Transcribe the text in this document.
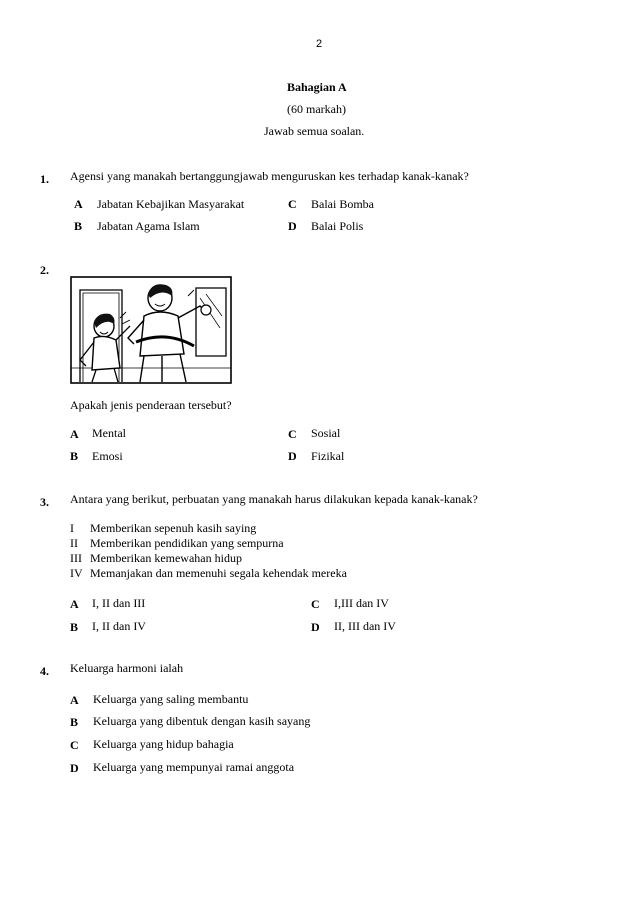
2
Bahagian A
(60 markah)
Jawab semua soalan.
1. Agensi yang manakah bertanggungjawab menguruskan kes terhadap kanak-kanak?
A Jabatan Kebajikan Masyarakat
B Jabatan Agama Islam
C Balai Bomba
D Balai Polis
2.
Apakah jenis penderaan tersebut?
A Mental
B Emosi
C Sosial
D Fizikal
3. Antara yang berikut, perbuatan yang manakah harus dilakukan kepada kanak-kanak?
I Memberikan sepenuh kasih saying
II Memberikan pendidikan yang sempurna
III Memberikan kemewahan hidup
IV Memanjakan dan memenuhi segala kehendak mereka
A I, II dan III
B I, II dan IV
C I,III dan IV
D II, III dan IV
4. Keluarga harmoni ialah
A Keluarga yang saling membantu
B Keluarga yang dibentuk dengan kasih sayang
C Keluarga yang hidup bahagia
D Keluarga yang mempunyai ramai anggota
